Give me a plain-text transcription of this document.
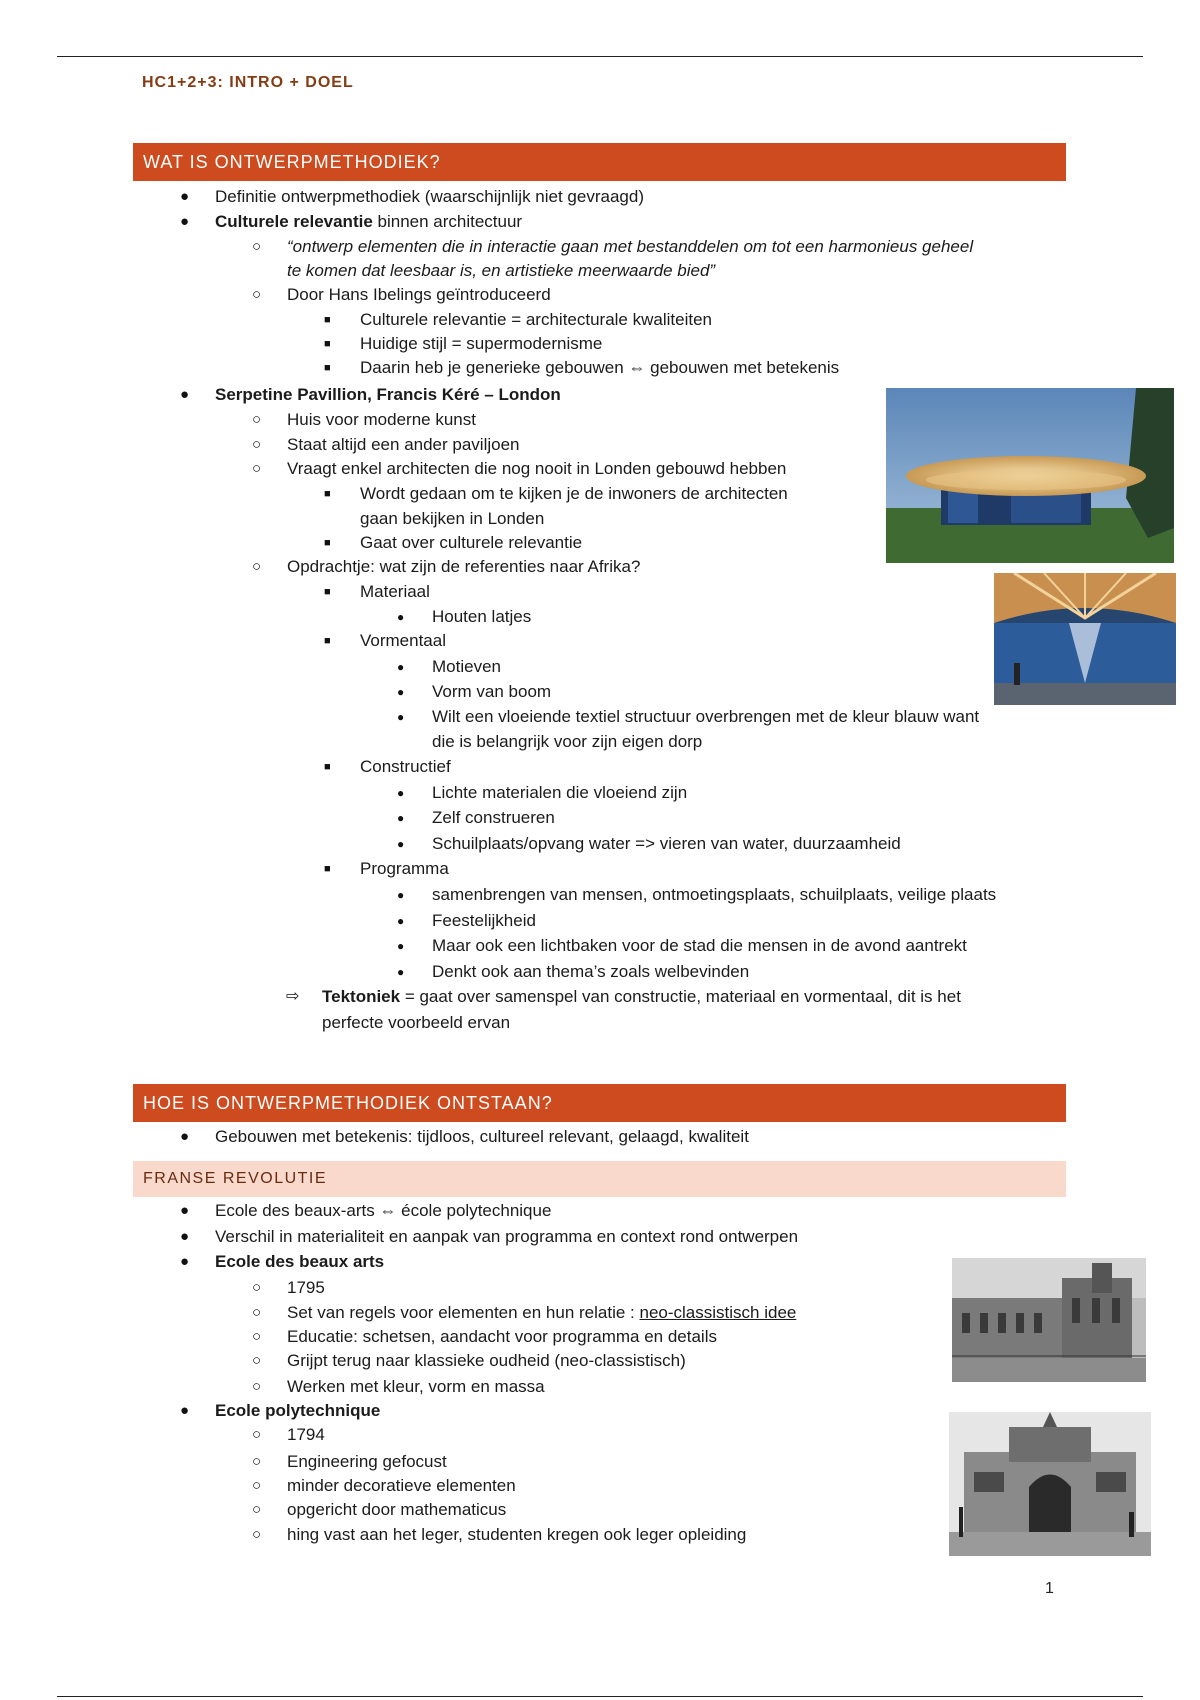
HC1+2+3: INTRO + DOEL
WAT IS ONTWERPMETHODIEK?
● Definitie ontwerpmethodiek (waarschijnlijk niet gevraagd)
● Culturele relevantie binnen architectuur
○ “ontwerp elementen die in interactie gaan met bestanddelen om tot een harmonieus geheel
te komen dat leesbaar is, en artistieke meerwaarde bied”
○ Door Hans Ibelings geïntroduceerd
■ Culturele relevantie = architecturale kwaliteiten
■ Huidige stijl = supermodernisme
■ Daarin heb je generieke gebouwen ⇔ gebouwen met betekenis
● Serpetine Pavillion, Francis Kéré – London
○ Huis voor moderne kunst
○ Staat altijd een ander paviljoen
○ Vraagt enkel architecten die nog nooit in Londen gebouwd hebben
■ Wordt gedaan om te kijken je de inwoners de architecten
gaan bekijken in Londen
■ Gaat over culturele relevantie
○ Opdrachtje: wat zijn de referenties naar Afrika?
■ Materiaal
● Houten latjes
■ Vormentaal
● Motieven
● Vorm van boom
● Wilt een vloeiende textiel structuur overbrengen met de kleur blauw want
die is belangrijk voor zijn eigen dorp
■ Constructief
● Lichte materialen die vloeiend zijn
● Zelf construeren
● Schuilplaats/opvang water => vieren van water, duurzaamheid
■ Programma
● samenbrengen van mensen, ontmoetingsplaats, schuilplaats, veilige plaats
● Feestelijkheid
● Maar ook een lichtbaken voor de stad die mensen in de avond aantrekt
● Denkt ook aan thema’s zoals welbevinden
⇨ Tektoniek = gaat over samenspel van constructie, materiaal en vormentaal, dit is het
perfecte voorbeeld ervan
HOE IS ONTWERPMETHODIEK ONTSTAAN?
● Gebouwen met betekenis: tijdloos, cultureel relevant, gelaagd, kwaliteit
FRANSE REVOLUTIE
● Ecole des beaux-arts ⇔ école polytechnique
● Verschil in materialiteit en aanpak van programma en context rond ontwerpen
● Ecole des beaux arts
○ 1795
○ Set van regels voor elementen en hun relatie : neo-classistisch idee
○ Educatie: schetsen, aandacht voor programma en details
○ Grijpt terug naar klassieke oudheid (neo-classistisch)
○ Werken met kleur, vorm en massa
● Ecole polytechnique
○ 1794
○ Engineering gefocust
○ minder decoratieve elementen
○ opgericht door mathematicus
○ hing vast aan het leger, studenten kregen ook leger opleiding
1
